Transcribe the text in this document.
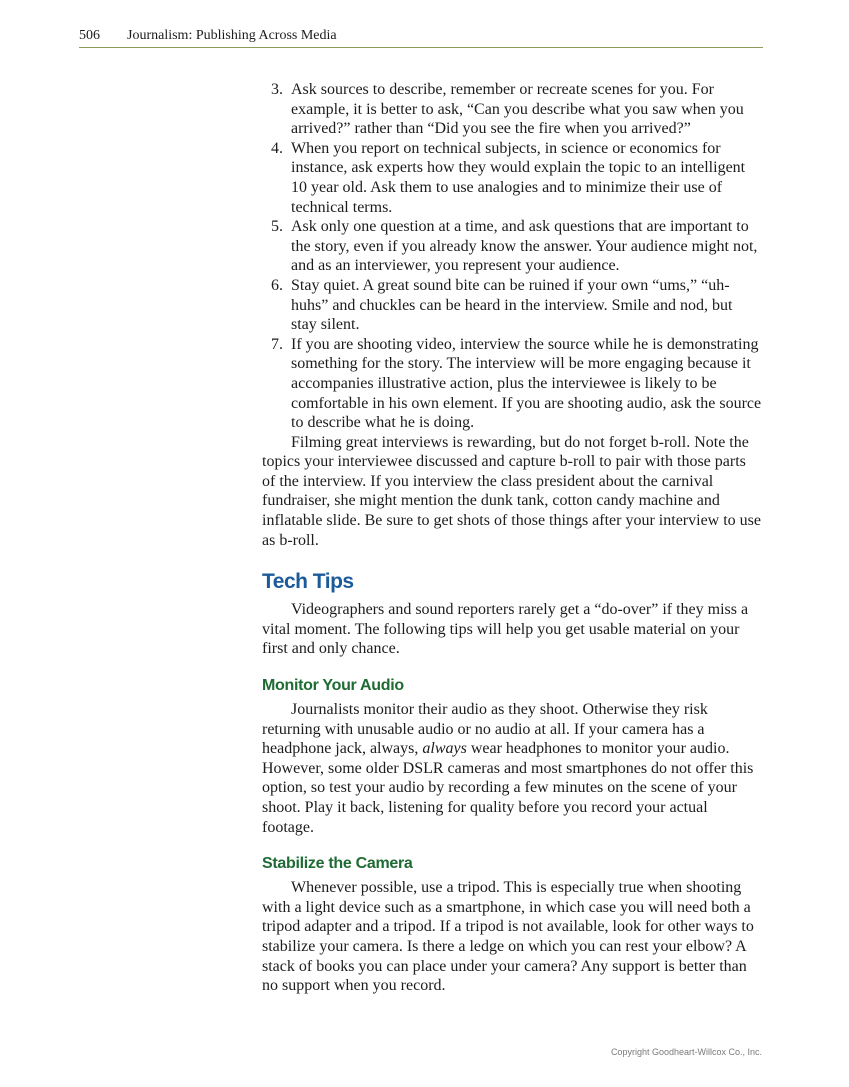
506 Journalism: Publishing Across Media
3. Ask sources to describe, remember or recreate scenes for you. For example, it is better to ask, “Can you describe what you saw when you arrived?” rather than “Did you see the fire when you arrived?”
4. When you report on technical subjects, in science or economics for instance, ask experts how they would explain the topic to an intelligent 10 year old. Ask them to use analogies and to minimize their use of technical terms.
5. Ask only one question at a time, and ask questions that are important to the story, even if you already know the answer. Your audience might not, and as an interviewer, you represent your audience.
6. Stay quiet. A great sound bite can be ruined if your own “ums,” “uh-huhs” and chuckles can be heard in the interview. Smile and nod, but stay silent.
7. If you are shooting video, interview the source while he is demonstrating something for the story. The interview will be more engaging because it accompanies illustrative action, plus the interviewee is likely to be comfortable in his own element. If you are shooting audio, ask the source to describe what he is doing.

Filming great interviews is rewarding, but do not forget b-roll. Note the topics your interviewee discussed and capture b-roll to pair with those parts of the interview. If you interview the class president about the carnival fundraiser, she might mention the dunk tank, cotton candy machine and inflatable slide. Be sure to get shots of those things after your interview to use as b-roll.

Tech Tips

Videographers and sound reporters rarely get a “do-over” if they miss a vital moment. The following tips will help you get usable material on your first and only chance.

Monitor Your Audio

Journalists monitor their audio as they shoot. Otherwise they risk returning with unusable audio or no audio at all. If your camera has a headphone jack, always, always wear headphones to monitor your audio. However, some older DSLR cameras and most smartphones do not offer this option, so test your audio by recording a few minutes on the scene of your shoot. Play it back, listening for quality before you record your actual footage.

Stabilize the Camera

Whenever possible, use a tripod. This is especially true when shooting with a light device such as a smartphone, in which case you will need both a tripod adapter and a tripod. If a tripod is not available, look for other ways to stabilize your camera. Is there a ledge on which you can rest your elbow? A stack of books you can place under your camera? Any support is better than no support when you record.

Copyright Goodheart-Willcox Co., Inc.
